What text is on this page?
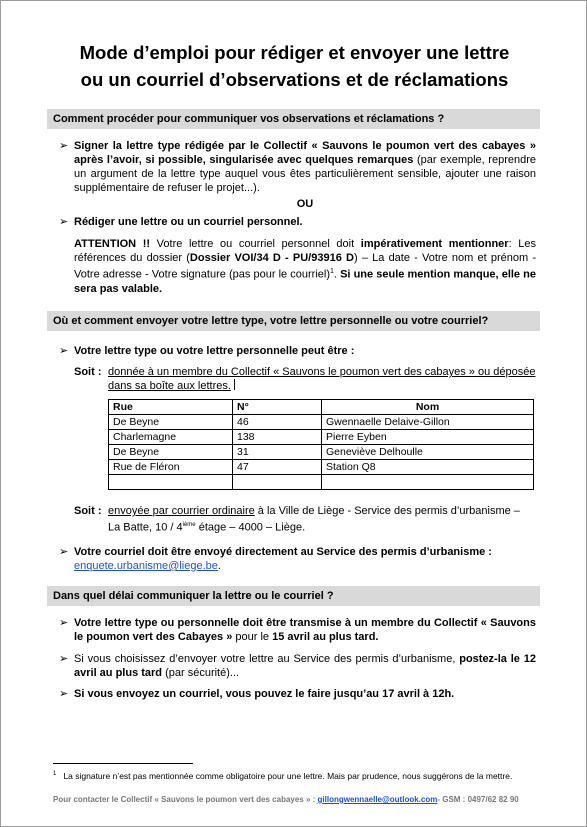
Mode d’emploi pour rédiger et envoyer une lettre
ou un courriel d’observations et de réclamations
Comment procéder pour communiquer vos observations et réclamations ?
➢ Signer la lettre type rédigée par le Collectif « Sauvons le poumon vert des cabayes » après l’avoir, si possible, singularisée avec quelques remarques (par exemple, reprendre un argument de la lettre type auquel vous êtes particulièrement sensible, ajouter une raison supplémentaire de refuser le projet...).
OU
➢ Rédiger une lettre ou un courriel personnel.
ATTENTION !! Votre lettre ou courriel personnel doit impérativement mentionner: Les références du dossier (Dossier VOI/34 D - PU/93916 D) – La date - Votre nom et prénom - Votre adresse - Votre signature (pas pour le courriel)$^1$. Si une seule mention manque, elle ne sera pas valable.
Où et comment envoyer votre lettre type, votre lettre personnelle ou votre courriel?
➢ Votre lettre type ou votre lettre personnelle peut être :
Soit : donnée à un membre du Collectif « Sauvons le poumon vert des cabayes » ou déposée dans sa boîte aux lettres.
Rue	N°	Nom
De Beyne	46	Gwennaelle Delaive-Gillon
Charlemagne	138	Pierre Eyben
De Beyne	31	Geneviève Delhoulle
Rue de Fléron	47	Station Q8

Soit : envoyée par courrier ordinaire à la Ville de Liège - Service des permis d’urbanisme –
La Batte, 10 / 4ième étage – 4000 – Liège.
➢ Votre courriel doit être envoyé directement au Service des permis d’urbanisme :
enquete.urbanisme@liege.be.
Dans quel délai communiquer la lettre ou le courriel ?
➢ Votre lettre type ou personnelle doit être transmise à un membre du Collectif « Sauvons le poumon vert des Cabayes » pour le 15 avril au plus tard.
➢ Si vous choisissez d’envoyer votre lettre au Service des permis d’urbanisme, postez-la le 12 avril au plus tard (par sécurité)...
➢ Si vous envoyez un courriel, vous pouvez le faire jusqu’au 17 avril à 12h.
$^1$ La signature n’est pas mentionnée comme obligatoire pour une lettre. Mais par prudence, nous suggérons de la mettre.
Pour contacter le Collectif « Sauvons le poumon vert des cabayes » : gillongwennaelle@outlook.com- GSM : 0497/62 82 90
